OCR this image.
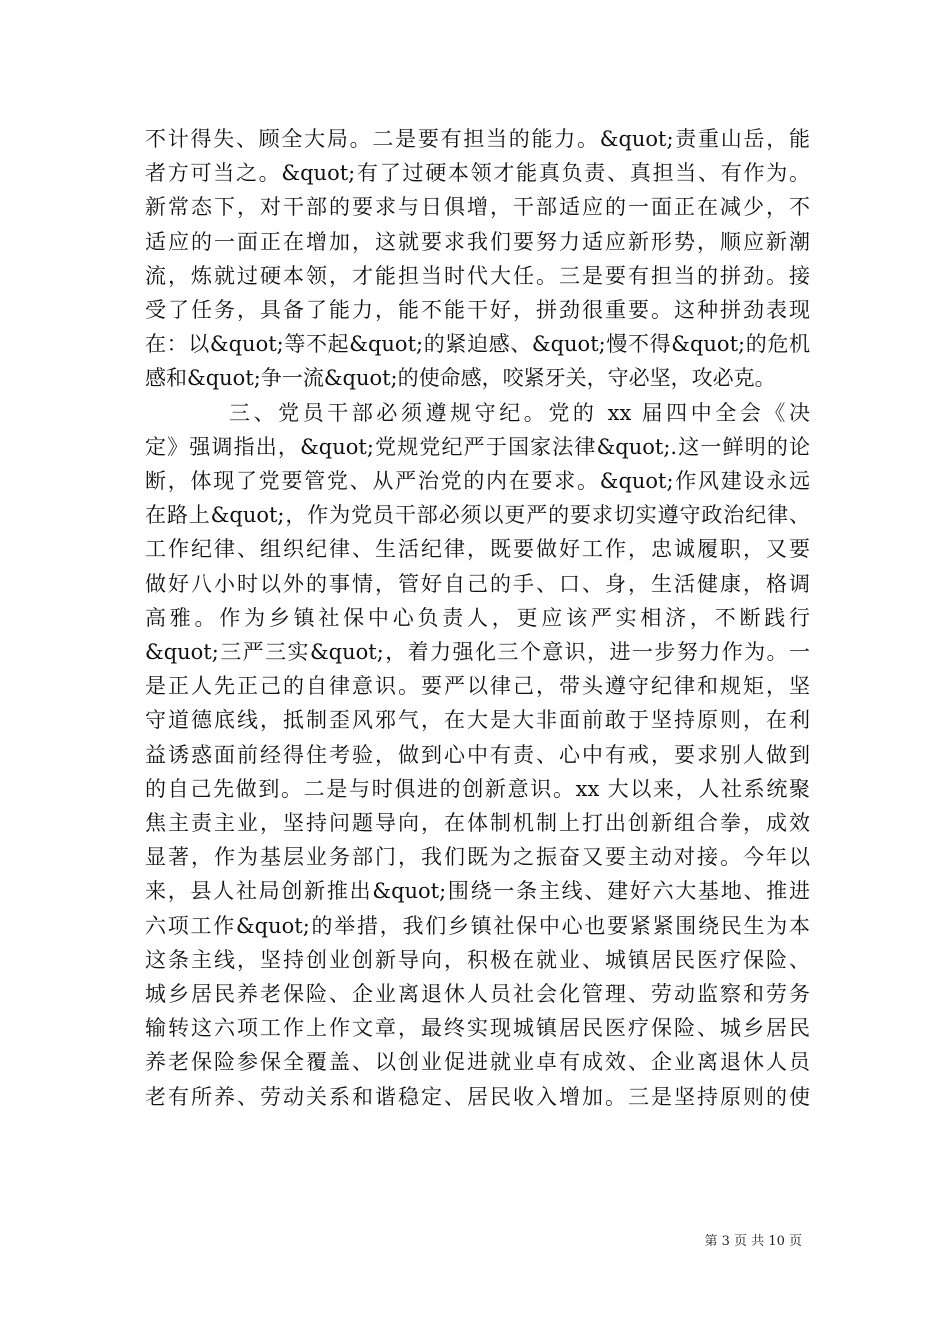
不计得失、顾全大局。二是要有担当的能力。&quot;责重山岳，能
者方可当之。&quot;有了过硬本领才能真负责、真担当、有作为。
新常态下，对干部的要求与日俱增，干部适应的一面正在减少，不
适应的一面正在增加，这就要求我们要努力适应新形势，顺应新潮
流，炼就过硬本领，才能担当时代大任。三是要有担当的拼劲。接
受了任务，具备了能力，能不能干好，拼劲很重要。这种拼劲表现
在：以&quot;等不起&quot;的紧迫感、&quot;慢不得&quot;的危机
感和&quot;争一流&quot;的使命感，咬紧牙关，守必坚，攻必克。
三、党员干部必须遵规守纪。党的 xx 届四中全会《决
定》强调指出，&quot;党规党纪严于国家法律&quot;.这一鲜明的论
断，体现了党要管党、从严治党的内在要求。&quot;作风建设永远
在路上&quot;，作为党员干部必须以更严的要求切实遵守政治纪律、
工作纪律、组织纪律、生活纪律，既要做好工作，忠诚履职，又要
做好八小时以外的事情，管好自己的手、口、身，生活健康，格调
高雅。作为乡镇社保中心负责人，更应该严实相济，不断践行
&quot;三严三实&quot;，着力强化三个意识，进一步努力作为。一
是正人先正己的自律意识。要严以律己，带头遵守纪律和规矩，坚
守道德底线，抵制歪风邪气，在大是大非面前敢于坚持原则，在利
益诱惑面前经得住考验，做到心中有责、心中有戒，要求别人做到
的自己先做到。二是与时俱进的创新意识。xx 大以来，人社系统聚
焦主责主业，坚持问题导向，在体制机制上打出创新组合拳，成效
显著，作为基层业务部门，我们既为之振奋又要主动对接。今年以
来，县人社局创新推出&quot;围绕一条主线、建好六大基地、推进
六项工作&quot;的举措，我们乡镇社保中心也要紧紧围绕民生为本
这条主线，坚持创业创新导向，积极在就业、城镇居民医疗保险、
城乡居民养老保险、企业离退休人员社会化管理、劳动监察和劳务
输转这六项工作上作文章，最终实现城镇居民医疗保险、城乡居民
养老保险参保全覆盖、以创业促进就业卓有成效、企业离退休人员
老有所养、劳动关系和谐稳定、居民收入增加。三是坚持原则的使
第 3 页 共 10 页
